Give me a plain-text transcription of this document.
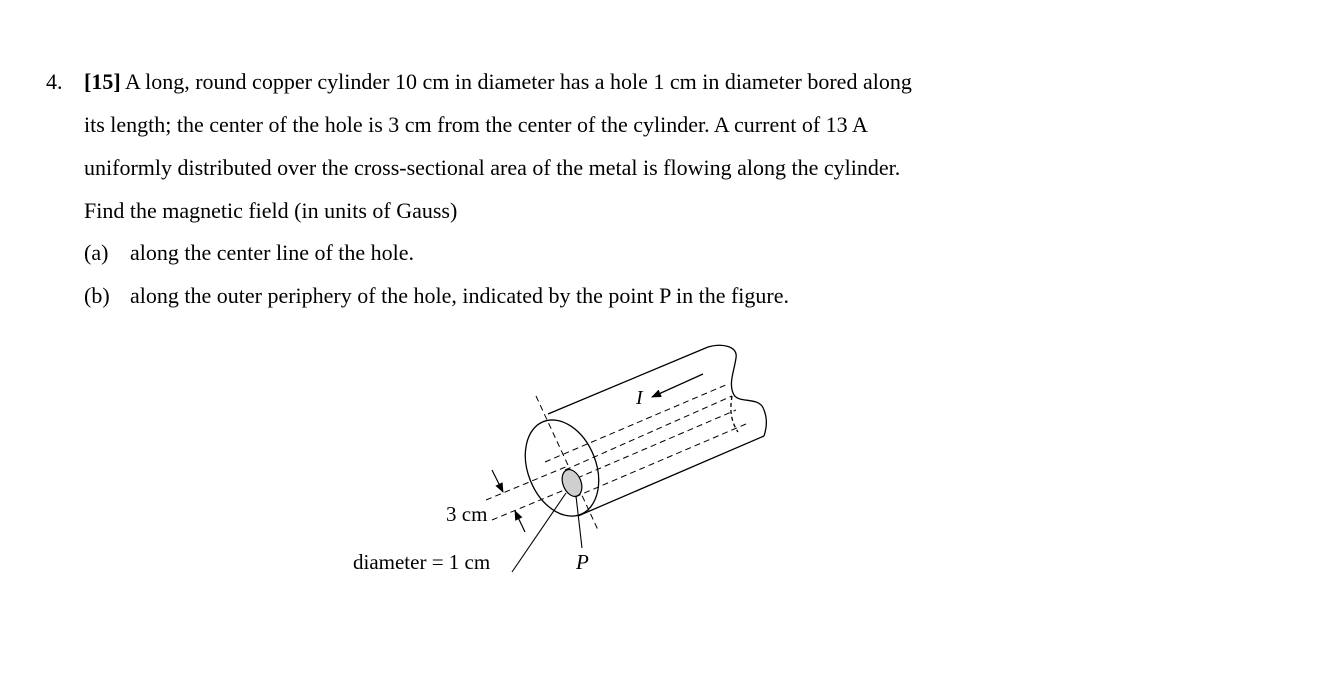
4. [15] A long, round copper cylinder 10 cm in diameter has a hole 1 cm in diameter bored along
its length; the center of the hole is 3 cm from the center of the cylinder. A current of 13 A
uniformly distributed over the cross-sectional area of the metal is flowing along the cylinder.
Find the magnetic field (in units of Gauss)
(a) along the center line of the hole.
(b) along the outer periphery of the hole, indicated by the point P in the figure.
I
3 cm
diameter = 1 cm	P
